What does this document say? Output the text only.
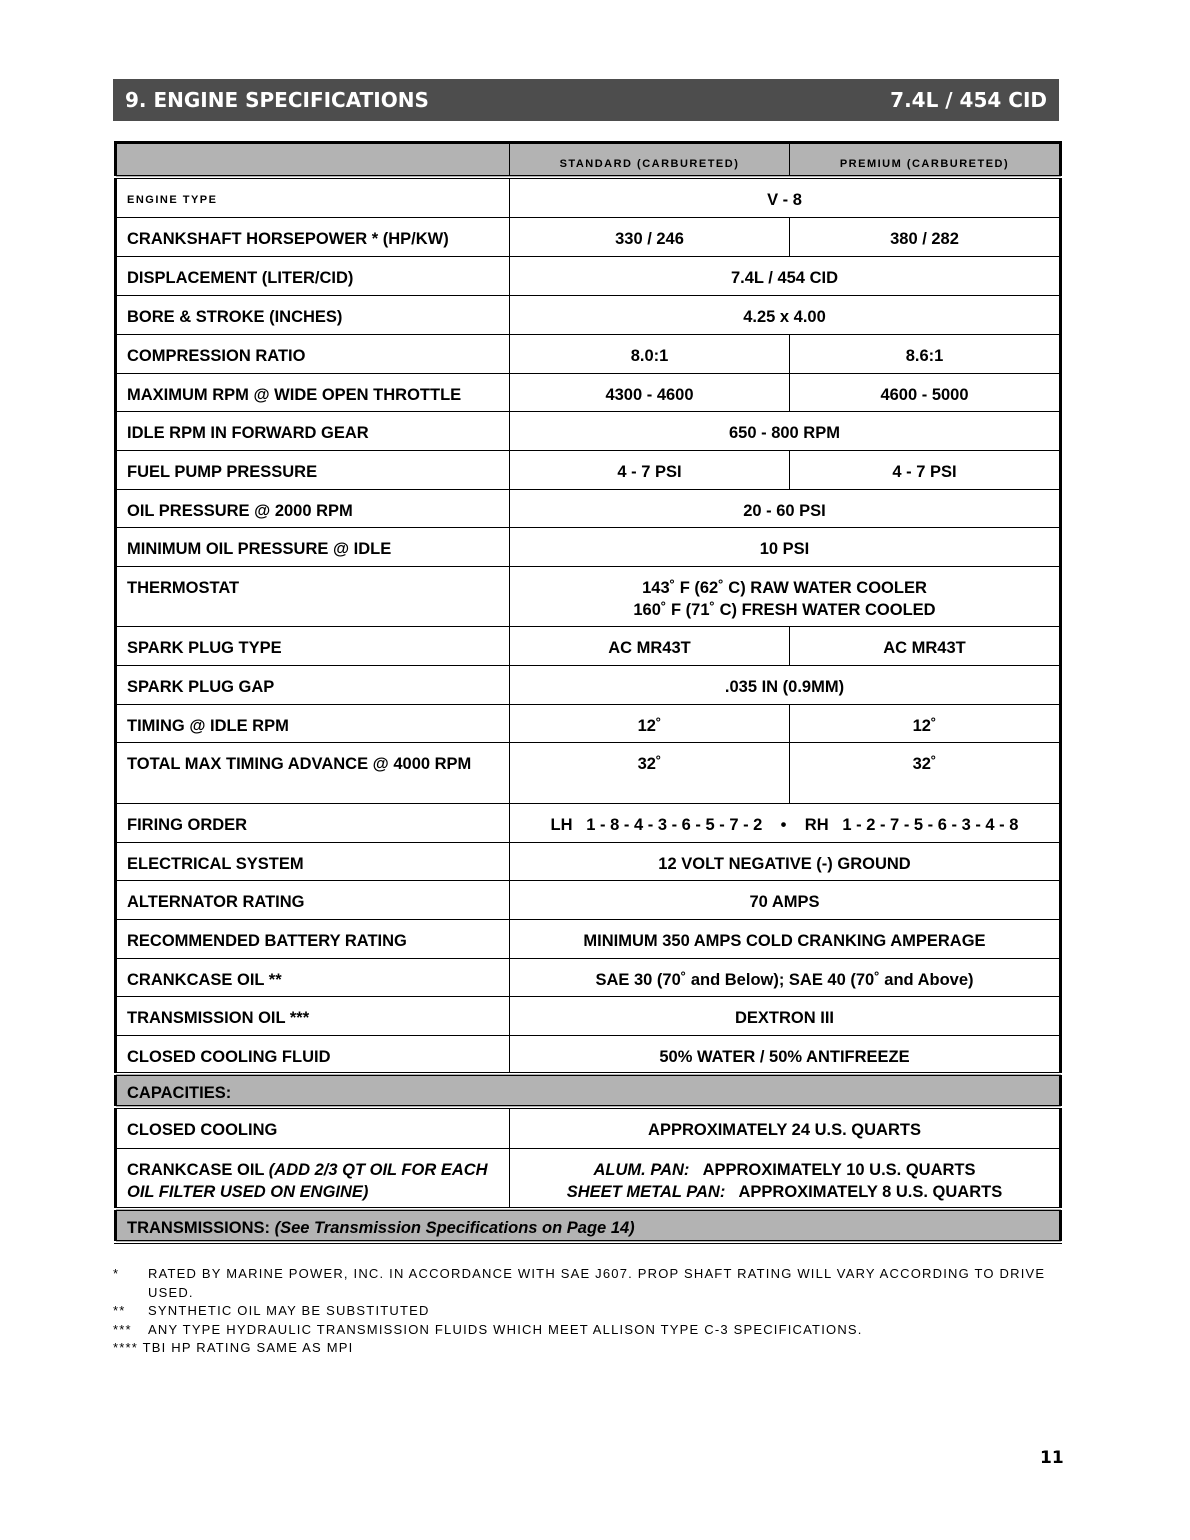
9. ENGINE SPECIFICATIONS	7.4L / 454 CID
	STANDARD (CARBURETED)	PREMIUM (CARBURETED)
ENGINE TYPE	V - 8	
CRANKSHAFT HORSEPOWER * (HP/KW)	330 / 246	380 / 282
DISPLACEMENT (LITER/CID)	7.4L / 454 CID	
BORE & STROKE (INCHES)	4.25 x 4.00	
COMPRESSION RATIO	8.0:1	8.6:1
MAXIMUM RPM @ WIDE OPEN THROTTLE	4300 - 4600	4600 - 5000
IDLE RPM IN FORWARD GEAR	650 - 800 RPM	
FUEL PUMP PRESSURE	4 - 7 PSI	4 - 7 PSI
OIL PRESSURE @ 2000 RPM	20 - 60 PSI	
MINIMUM OIL PRESSURE @ IDLE	10 PSI	
THERMOSTAT	143˚ F (62˚ C) RAW WATER COOLER
160˚ F (71˚ C) FRESH WATER COOLED	
SPARK PLUG TYPE	AC MR43T	AC MR43T
SPARK PLUG GAP	.035 IN (0.9MM)	
TIMING @ IDLE RPM	12˚	12˚
TOTAL MAX TIMING ADVANCE @ 4000 RPM	32˚	32˚
FIRING ORDER	LH   1 - 8 - 4 - 3 - 6 - 5 - 7 - 2    •    RH   1 - 2 - 7 - 5 - 6 - 3 - 4 - 8	
ELECTRICAL SYSTEM	12 VOLT NEGATIVE (-) GROUND	
ALTERNATOR RATING	70 AMPS	
RECOMMENDED BATTERY RATING	MINIMUM 350 AMPS COLD CRANKING AMPERAGE	
CRANKCASE OIL **	SAE 30 (70˚ and Below); SAE 40 (70˚ and Above)	
TRANSMISSION OIL ***	DEXTRON III	
CLOSED COOLING FLUID	50% WATER / 50% ANTIFREEZE	
CAPACITIES:		
CLOSED COOLING	APPROXIMATELY 24 U.S. QUARTS	
CRANKCASE OIL (ADD 2/3 QT OIL FOR EACH OIL FILTER USED ON ENGINE)	ALUM. PAN:   APPROXIMATELY 10 U.S. QUARTS
SHEET METAL PAN:   APPROXIMATELY 8 U.S. QUARTS	
TRANSMISSIONS: (See Transmission Specifications on Page 14)		
*	RATED BY MARINE POWER, INC. IN ACCORDANCE WITH SAE J607. PROP SHAFT RATING WILL VARY ACCORDING TO DRIVE USED.
**	SYNTHETIC OIL MAY BE SUBSTITUTED
***	ANY TYPE HYDRAULIC TRANSMISSION FLUIDS WHICH MEET ALLISON TYPE C-3 SPECIFICATIONS.
**** TBI HP RATING SAME AS MPI
11
